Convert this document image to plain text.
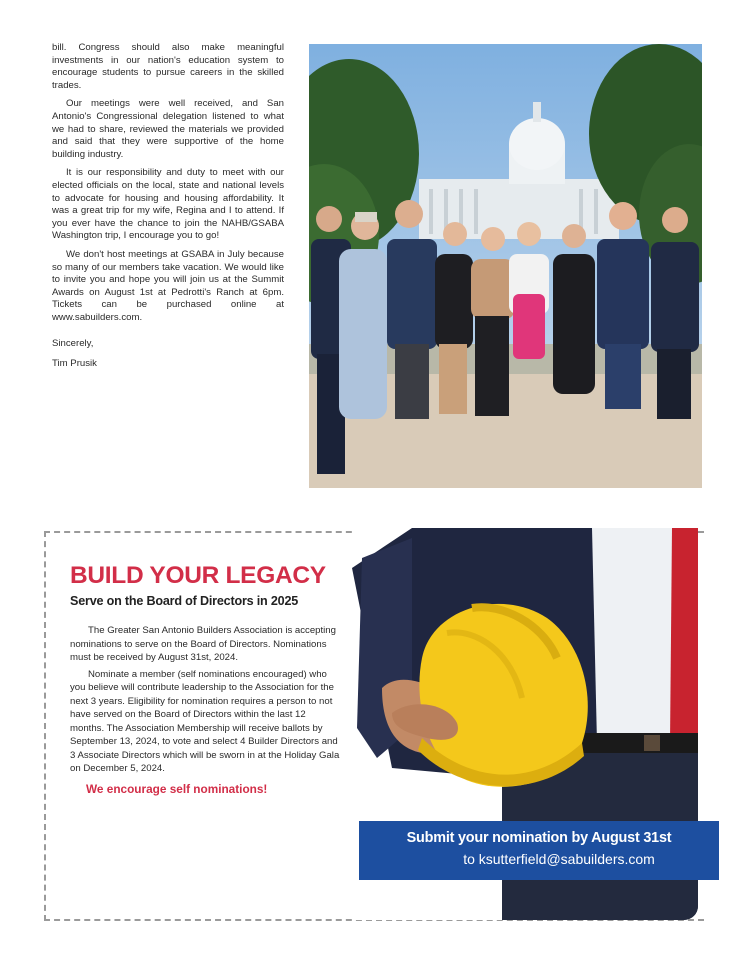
bill. Congress should also make meaningful investments in our nation's education system to encourage students to pursue careers in the skilled trades.

Our meetings were well received, and San Antonio's Congressional delegation listened to what we had to share, reviewed the materials we provided and said that they were supportive of the home building industry.

It is our responsibility and duty to meet with our elected officials on the local, state and national levels to advocate for housing and housing affordability. It was a great trip for my wife, Regina and I to attend. If you ever have the chance to join the NAHB/GSABA Washington trip, I encourage you to go!

We don't host meetings at GSABA in July because so many of our members take vacation. We would like to invite you and hope you will join us at the Summit Awards on August 1st at Pedrotti's Ranch at 6pm. Tickets can be purchased online at www.sabuilders.com.

Sincerely,
Tim Prusik
BUILD YOUR LEGACY
Serve on the Board of Directors in 2025

The Greater San Antonio Builders Association is accepting nominations to serve on the Board of Directors. Nominations must be received by August 31st, 2024.

Nominate a member (self nominations encouraged) who you believe will contribute leadership to the Association for the next 3 years. Eligibility for nomination requires a person to not have served on the Board of Directors within the last 12 months. The Association Membership will receive ballots by September 13, 2024, to vote and select 4 Builder Directors and 3 Associate Directors which will be sworn in at the Holiday Gala on December 5, 2024.

We encourage self nominations!
Submit your nomination by August 31st
to ksutterfield@sabuilders.com
